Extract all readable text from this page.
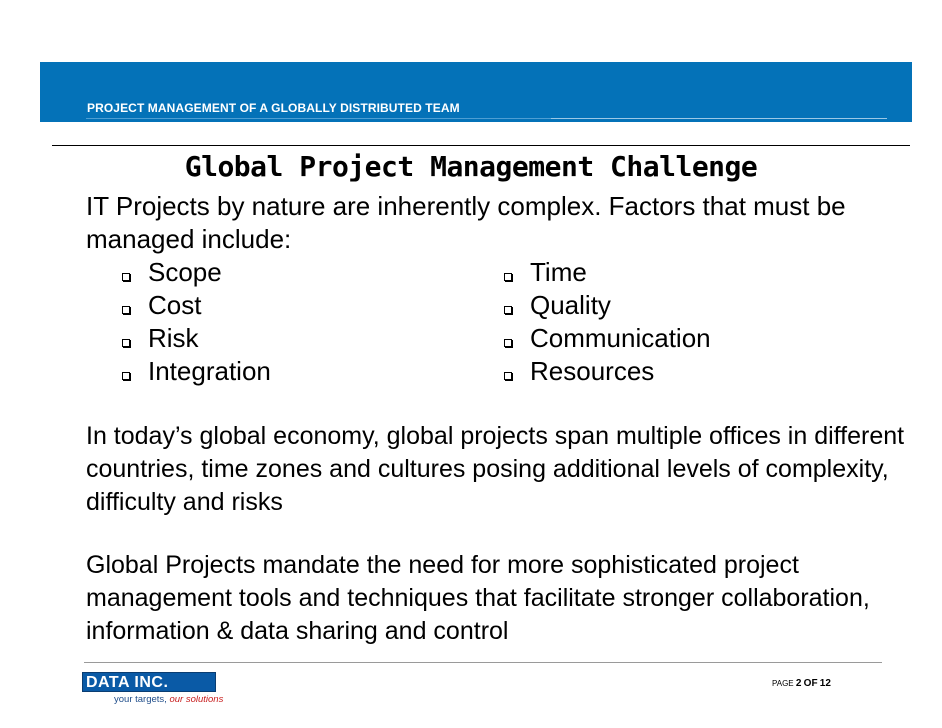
PROJECT MANAGEMENT OF A GLOBALLY DISTRIBUTED TEAM
Global Project Management Challenge
IT Projects by nature are inherently complex. Factors that must be managed include:
Scope
Cost
Risk
Integration
Time
Quality
Communication
Resources
In today’s global economy, global projects span multiple offices in different countries, time zones and cultures posing additional levels of complexity, difficulty and risks
Global Projects mandate the need for more sophisticated project management tools and techniques that facilitate stronger collaboration, information & data sharing and control
DATA INC.
your targets, our solutions
PAGE 2 OF 12
